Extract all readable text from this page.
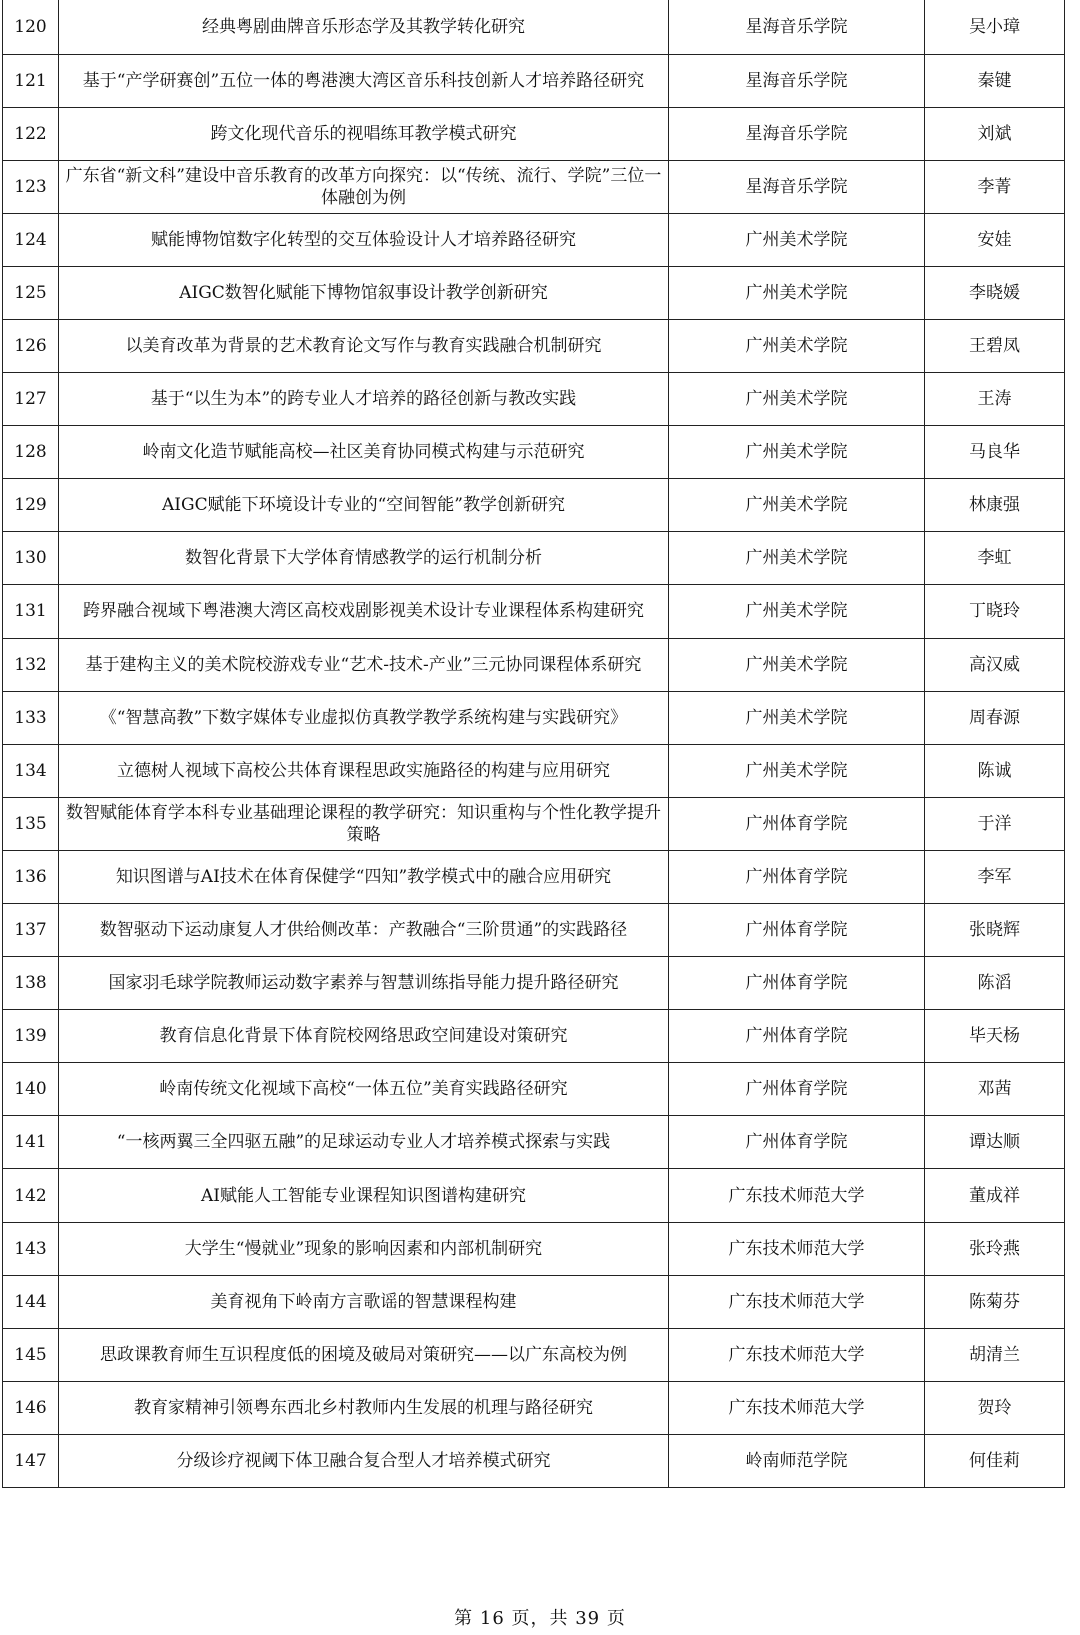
120	经典粤剧曲牌音乐形态学及其教学转化研究	星海音乐学院	吴小璋
121	基于“产学研赛创”五位一体的粤港澳大湾区音乐科技创新人才培养路径研究	星海音乐学院	秦键
122	跨文化现代音乐的视唱练耳教学模式研究	星海音乐学院	刘斌
123	广东省“新文科”建设中音乐教育的改革方向探究：以“传统、流行、学院”三位一体融创为例	星海音乐学院	李菁
124	赋能博物馆数字化转型的交互体验设计人才培养路径研究	广州美术学院	安娃
125	AIGC数智化赋能下博物馆叙事设计教学创新研究	广州美术学院	李晓媛
126	以美育改革为背景的艺术教育论文写作与教育实践融合机制研究	广州美术学院	王碧凤
127	基于“以生为本”的跨专业人才培养的路径创新与教改实践	广州美术学院	王涛
128	岭南文化造节赋能高校—社区美育协同模式构建与示范研究	广州美术学院	马良华
129	AIGC赋能下环境设计专业的“空间智能”教学创新研究	广州美术学院	林康强
130	数智化背景下大学体育情感教学的运行机制分析	广州美术学院	李虹
131	跨界融合视域下粤港澳大湾区高校戏剧影视美术设计专业课程体系构建研究	广州美术学院	丁晓玲
132	基于建构主义的美术院校游戏专业“艺术-技术-产业”三元协同课程体系研究	广州美术学院	高汉威
133	《“智慧高教”下数字媒体专业虚拟仿真教学教学系统构建与实践研究》	广州美术学院	周春源
134	立德树人视域下高校公共体育课程思政实施路径的构建与应用研究	广州美术学院	陈诚
135	数智赋能体育学本科专业基础理论课程的教学研究：知识重构与个性化教学提升策略	广州体育学院	于洋
136	知识图谱与AI技术在体育保健学“四知”教学模式中的融合应用研究	广州体育学院	李军
137	数智驱动下运动康复人才供给侧改革：产教融合“三阶贯通”的实践路径	广州体育学院	张晓辉
138	国家羽毛球学院教师运动数字素养与智慧训练指导能力提升路径研究	广州体育学院	陈滔
139	教育信息化背景下体育院校网络思政空间建设对策研究	广州体育学院	毕天杨
140	岭南传统文化视域下高校“一体五位”美育实践路径研究	广州体育学院	邓茜
141	“一核两翼三全四驱五融”的足球运动专业人才培养模式探索与实践	广州体育学院	谭达顺
142	AI赋能人工智能专业课程知识图谱构建研究	广东技术师范大学	董成祥
143	大学生“慢就业”现象的影响因素和内部机制研究	广东技术师范大学	张玲燕
144	美育视角下岭南方言歌谣的智慧课程构建	广东技术师范大学	陈菊芬
145	思政课教育师生互识程度低的困境及破局对策研究——以广东高校为例	广东技术师范大学	胡清兰
146	教育家精神引领粤东西北乡村教师内生发展的机理与路径研究	广东技术师范大学	贺玲
147	分级诊疗视阈下体卫融合复合型人才培养模式研究	岭南师范学院	何佳莉
第 16 页，共 39 页
